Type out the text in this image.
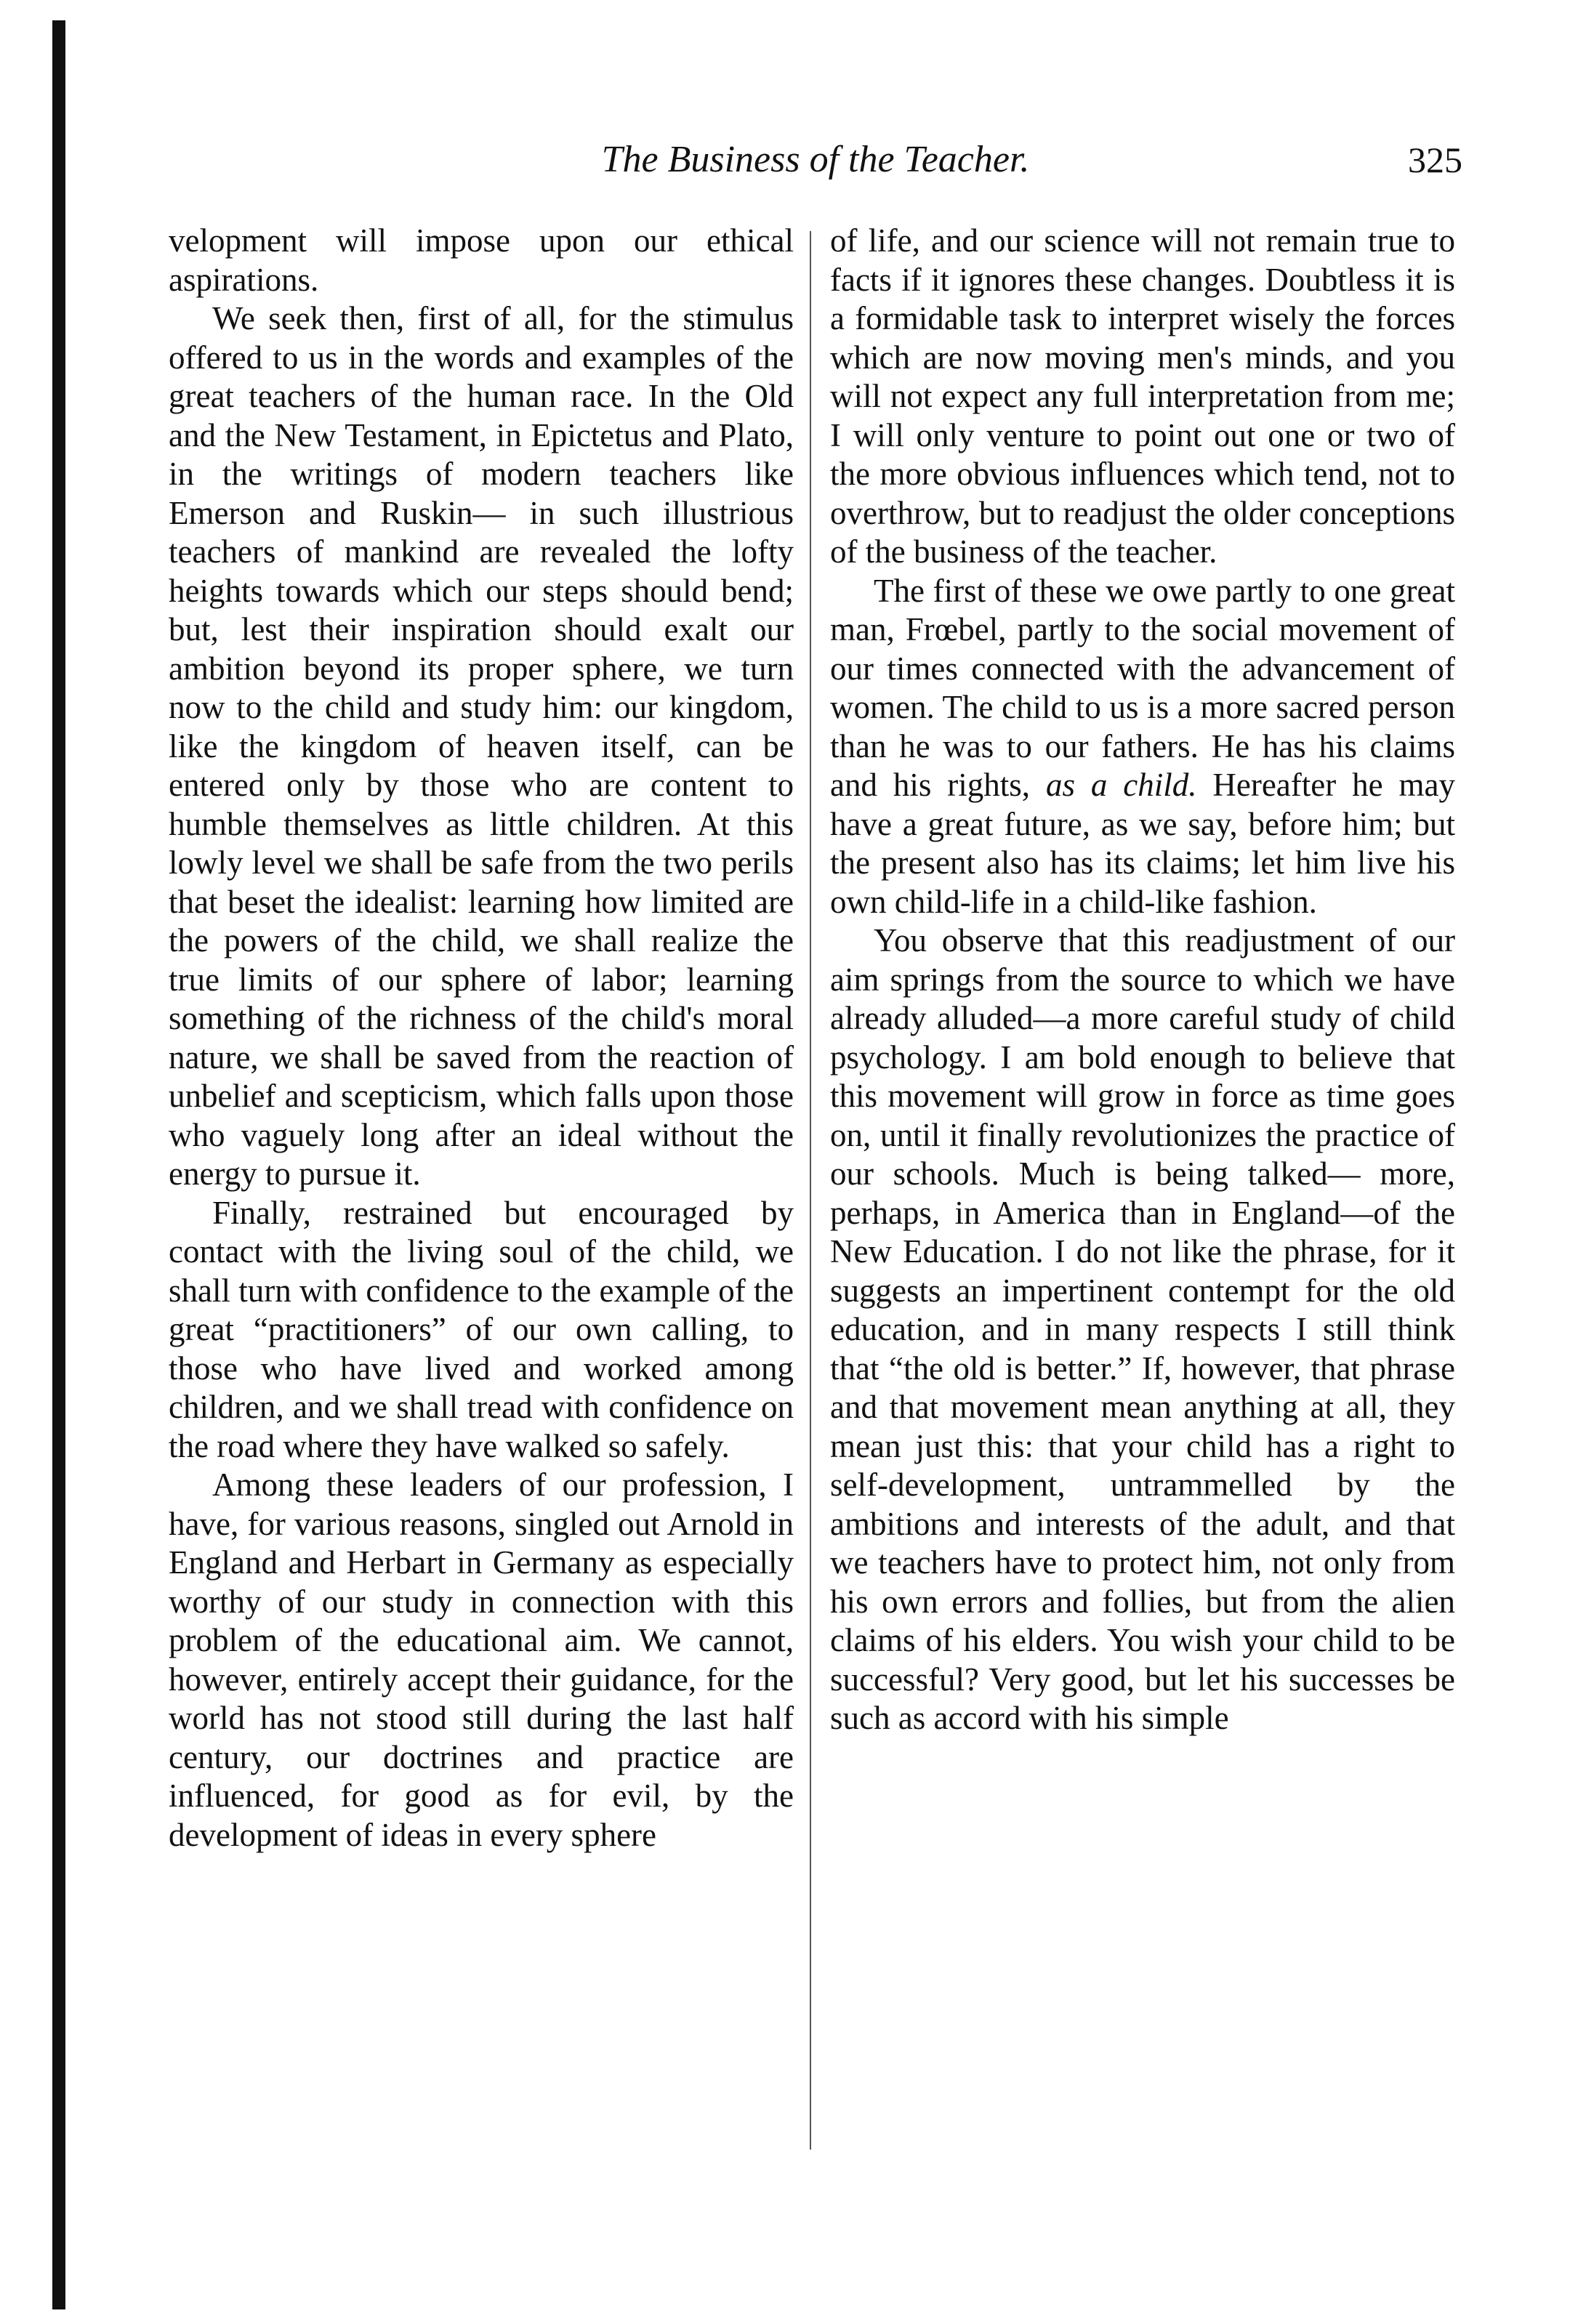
The Business of the Teacher.	325

velopment will impose upon our ethical aspirations.

We seek then, first of all, for the stimulus offered to us in the words and examples of the great teachers of the human race. In the Old and the New Testament, in Epictetus and Plato, in the writings of modern teachers like Emerson and Ruskin— in such illustrious teachers of mankind are revealed the lofty heights towards which our steps should bend; but, lest their inspiration should exalt our ambition beyond its proper sphere, we turn now to the child and study him: our kingdom, like the kingdom of heaven itself, can be entered only by those who are content to humble themselves as little children. At this lowly level we shall be safe from the two perils that beset the idealist: learning how limited are the powers of the child, we shall realize the true limits of our sphere of labor; learning something of the richness of the child's moral nature, we shall be saved from the reaction of unbelief and scepticism, which falls upon those who vaguely long after an ideal without the energy to pursue it.

Finally, restrained but encouraged by contact with the living soul of the child, we shall turn with confidence to the example of the great “practitioners” of our own calling, to those who have lived and worked among children, and we shall tread with confidence on the road where they have walked so safely.

Among these leaders of our profession, I have, for various reasons, singled out Arnold in England and Herbart in Germany as especially worthy of our study in connection with this problem of the educational aim. We cannot, however, entirely accept their guidance, for the world has not stood still during the last half century, our doctrines and practice are influenced, for good as for evil, by the development of ideas in every sphere

of life, and our science will not remain true to facts if it ignores these changes. Doubtless it is a formidable task to interpret wisely the forces which are now moving men's minds, and you will not expect any full interpretation from me; I will only venture to point out one or two of the more obvious influences which tend, not to overthrow, but to readjust the older conceptions of the business of the teacher.

The first of these we owe partly to one great man, Frœbel, partly to the social movement of our times connected with the advancement of women. The child to us is a more sacred person than he was to our fathers. He has his claims and his rights, as a child. Hereafter he may have a great future, as we say, before him; but the present also has its claims; let him live his own child-life in a child-like fashion.

You observe that this readjustment of our aim springs from the source to which we have already alluded—a more careful study of child psychology. I am bold enough to believe that this movement will grow in force as time goes on, until it finally revolutionizes the practice of our schools. Much is being talked— more, perhaps, in America than in England—of the New Education. I do not like the phrase, for it suggests an impertinent contempt for the old education, and in many respects I still think that “the old is better.” If, however, that phrase and that movement mean anything at all, they mean just this: that your child has a right to self-development, untrammelled by the ambitions and interests of the adult, and that we teachers have to protect him, not only from his own errors and follies, but from the alien claims of his elders. You wish your child to be successful? Very good, but let his successes be such as accord with his simple
